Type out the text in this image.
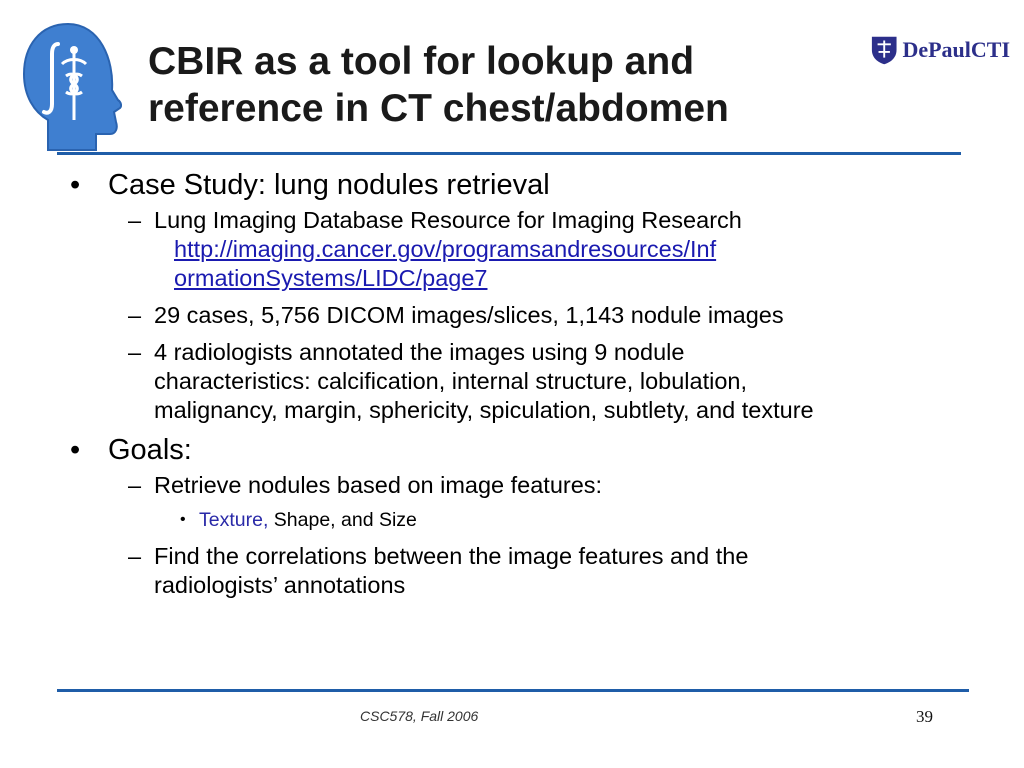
CBIR as a tool for lookup and
reference in CT chest/abdomen
DePaulCTI
• Case Study: lung nodules retrieval
– Lung Imaging Database Resource for Imaging Research
http://imaging.cancer.gov/programsandresources/Inf
ormationSystems/LIDC/page7
– 29 cases, 5,756 DICOM images/slices, 1,143 nodule images
– 4 radiologists annotated the images using 9 nodule
characteristics: calcification, internal structure, lobulation,
malignancy, margin, sphericity, spiculation, subtlety, and texture
• Goals:
– Retrieve nodules based on image features:
• Texture, Shape, and Size
– Find the correlations between the image features and the
radiologists’ annotations
CSC578, Fall 2006	39
